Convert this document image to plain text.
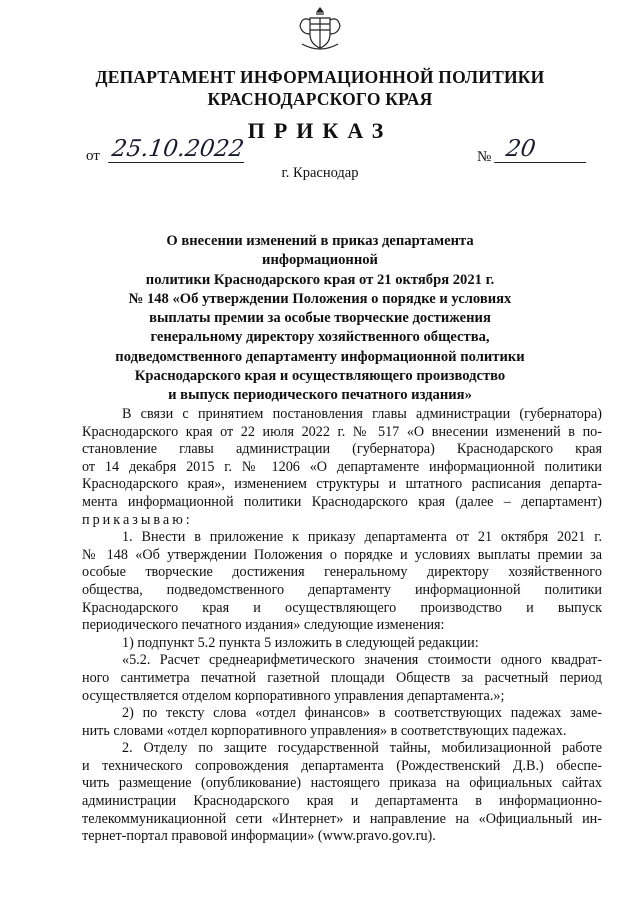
ДЕПАРТАМЕНТ ИНФОРМАЦИОННОЙ ПОЛИТИКИ
КРАСНОДАРСКОГО КРАЯ
ПРИКАЗ
от 25.10.2022	№ 20
г. Краснодар
О внесении изменений в приказ департамента информационной
политики Краснодарского края от 21 октября 2021 г.
№ 148 «Об утверждении Положения о порядке и условиях
выплаты премии за особые творческие достижения
генеральному директору хозяйственного общества,
подведомственного департаменту информационной политики
Краснодарского края и осуществляющего производство
и выпуск периодического печатного издания»
В связи с принятием постановления главы администрации (губернатора)
Краснодарского края от 22 июля 2022 г. № 517 «О внесении изменений в по-
становление главы администрации (губернатора) Краснодарского края
от 14 декабря 2015 г. № 1206 «О департаменте информационной политики
Краснодарского края», изменением структуры и штатного расписания департа-
мента информационной политики Краснодарского края (далее – департамент)
приказываю:
1. Внести в приложение к приказу департамента от 21 октября 2021 г.
№ 148 «Об утверждении Положения о порядке и условиях выплаты премии за
особые творческие достижения генеральному директору хозяйственного
общества, подведомственного департаменту информационной политики
Краснодарского края и осуществляющего производство и выпуск
периодического печатного издания» следующие изменения:
1) подпункт 5.2 пункта 5 изложить в следующей редакции:
«5.2. Расчет среднеарифметического значения стоимости одного квадрат-
ного сантиметра печатной газетной площади Обществ за расчетный период
осуществляется отделом корпоративного управления департамента.»;
2) по тексту слова «отдел финансов» в соответствующих падежах заме-
нить словами «отдел корпоративного управления» в соответствующих падежах.
2. Отделу по защите государственной тайны, мобилизационной работе
и технического сопровождения департамента (Рождественский Д.В.) обеспе-
чить размещение (опубликование) настоящего приказа на официальных сайтах
администрации Краснодарского края и департамента в информационно-
телекоммуникационной сети «Интернет» и направление на «Официальный ин-
тернет-портал правовой информации» (www.pravo.gov.ru).
